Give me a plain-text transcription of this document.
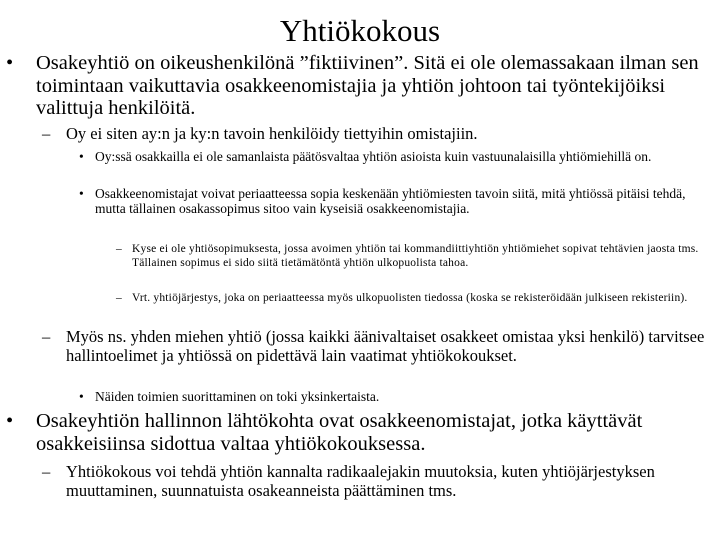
Yhtiökokous
• Osakeyhtiö on oikeushenkilönä ”fiktiivinen”. Sitä ei ole olemassakaan ilman sen toimintaan vaikuttavia osakkeenomistajia ja yhtiön johtoon tai työntekijöiksi valittuja henkilöitä.
– Oy ei siten ay:n ja ky:n tavoin henkilöidy tiettyihin omistajiin.
• Oy:ssä osakkailla ei ole samanlaista päätösvaltaa yhtiön asioista kuin vastuunalaisilla yhtiömiehillä on.
• Osakkeenomistajat voivat periaatteessa sopia keskenään yhtiömiesten tavoin siitä, mitä yhtiössä pitäisi tehdä, mutta tällainen osakassopimus sitoo vain kyseisiä osakkeenomistajia.
– Kyse ei ole yhtiösopimuksesta, jossa avoimen yhtiön tai kommandiittiyhtiön yhtiömiehet sopivat tehtävien jaosta tms. Tällainen sopimus ei sido siitä tietämätöntä yhtiön ulkopuolista tahoa.
– Vrt. yhtiöjärjestys, joka on periaatteessa myös ulkopuolisten tiedossa (koska se rekisteröidään julkiseen rekisteriin).
– Myös ns. yhden miehen yhtiö (jossa kaikki äänivaltaiset osakkeet omistaa yksi henkilö) tarvitsee hallintoelimet ja yhtiössä on pidettävä lain vaatimat yhtiökokoukset.
• Näiden toimien suorittaminen on toki yksinkertaista.
• Osakeyhtiön hallinnon lähtökohta ovat osakkeenomistajat, jotka käyttävät osakkeisiinsa sidottua valtaa yhtiökokouksessa.
– Yhtiökokous voi tehdä yhtiön kannalta radikaalejakin muutoksia, kuten yhtiöjärjestyksen muuttaminen, suunnatuista osakeanneista päättäminen tms.
